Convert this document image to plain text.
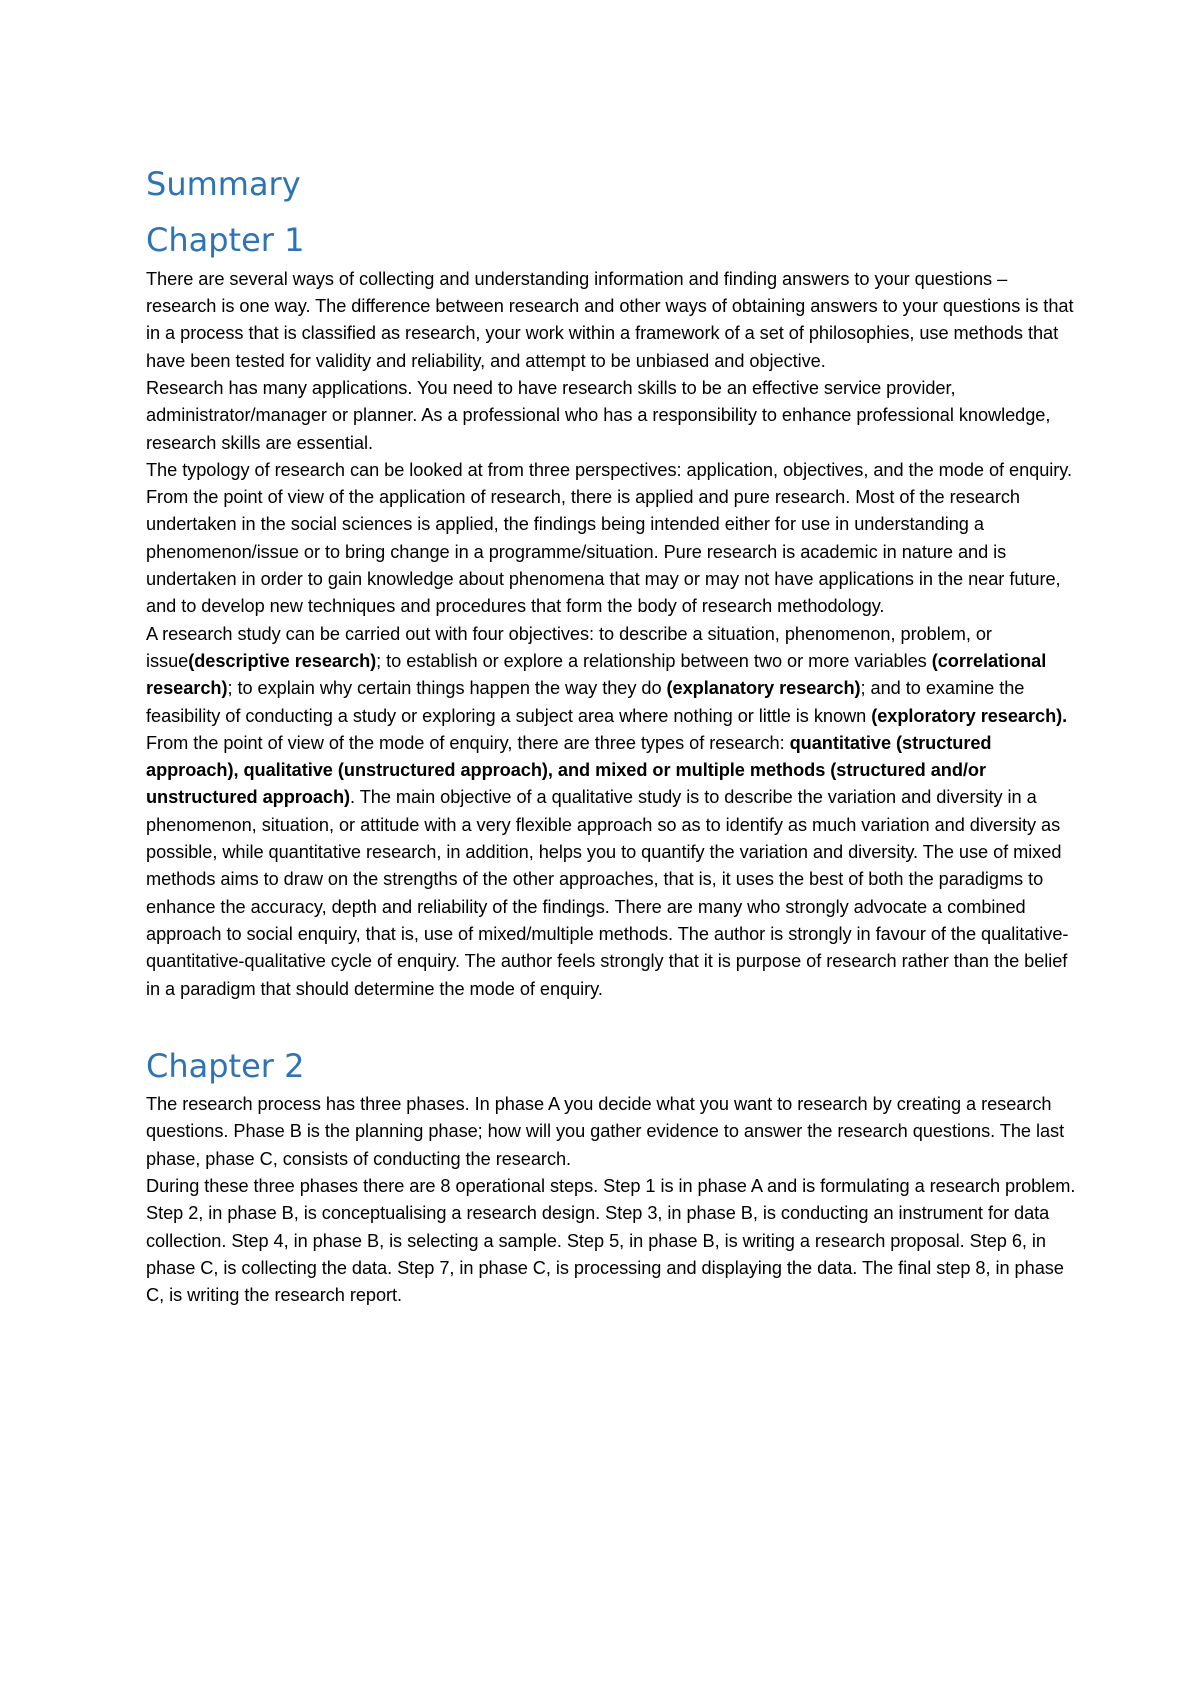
Summary
Chapter 1

There are several ways of collecting and understanding information and finding answers to your questions – research is one way. The difference between research and other ways of obtaining answers to your questions is that in a process that is classified as research, your work within a framework of a set of philosophies, use methods that have been tested for validity and reliability, and attempt to be unbiased and objective.

Research has many applications. You need to have research skills to be an effective service provider, administrator/manager or planner. As a professional who has a responsibility to enhance professional knowledge, research skills are essential.

The typology of research can be looked at from three perspectives: application, objectives, and the mode of enquiry. From the point of view of the application of research, there is applied and pure research. Most of the research undertaken in the social sciences is applied, the findings being intended either for use in understanding a phenomenon/issue or to bring change in a programme/situation. Pure research is academic in nature and is undertaken in order to gain knowledge about phenomena that may or may not have applications in the near future, and to develop new techniques and procedures that form the body of research methodology.

A research study can be carried out with four objectives: to describe a situation, phenomenon, problem, or issue(descriptive research); to establish or explore a relationship between two or more variables (correlational research); to explain why certain things happen the way they do (explanatory research); and to examine the feasibility of conducting a study or exploring a subject area where nothing or little is known (exploratory research).

From the point of view of the mode of enquiry, there are three types of research: quantitative (structured approach), qualitative (unstructured approach), and mixed or multiple methods (structured and/or unstructured approach). The main objective of a qualitative study is to describe the variation and diversity in a phenomenon, situation, or attitude with a very flexible approach so as to identify as much variation and diversity as possible, while quantitative research, in addition, helps you to quantify the variation and diversity. The use of mixed methods aims to draw on the strengths of the other approaches, that is, it uses the best of both the paradigms to enhance the accuracy, depth and reliability of the findings. There are many who strongly advocate a combined approach to social enquiry, that is, use of mixed/multiple methods. The author is strongly in favour of the qualitative-quantitative-qualitative cycle of enquiry. The author feels strongly that it is purpose of research rather than the belief in a paradigm that should determine the mode of enquiry.

Chapter 2

The research process has three phases. In phase A you decide what you want to research by creating a research questions. Phase B is the planning phase; how will you gather evidence to answer the research questions. The last phase, phase C, consists of conducting the research.

During these three phases there are 8 operational steps. Step 1 is in phase A and is formulating a research problem. Step 2, in phase B, is conceptualising a research design. Step 3, in phase B, is conducting an instrument for data collection. Step 4, in phase B, is selecting a sample. Step 5, in phase B, is writing a research proposal. Step 6, in phase C, is collecting the data. Step 7, in phase C, is processing and displaying the data. The final step 8, in phase C, is writing the research report.
